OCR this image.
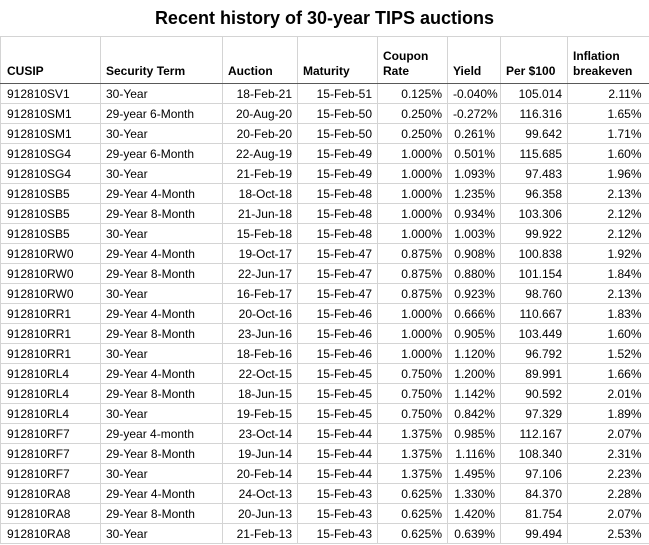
Recent history of 30-year TIPS auctions
CUSIP	Security Term	Auction	Maturity	Coupon Rate	Yield	Per $100	Inflation breakeven
912810SV1	30-Year	18-Feb-21	15-Feb-51	0.125%	-0.040%	105.014	2.11%
912810SM1	29-year 6-Month	20-Aug-20	15-Feb-50	0.250%	-0.272%	116.316	1.65%
912810SM1	30-Year	20-Feb-20	15-Feb-50	0.250%	0.261%	99.642	1.71%
912810SG4	29-year 6-Month	22-Aug-19	15-Feb-49	1.000%	0.501%	115.685	1.60%
912810SG4	30-Year	21-Feb-19	15-Feb-49	1.000%	1.093%	97.483	1.96%
912810SB5	29-Year 4-Month	18-Oct-18	15-Feb-48	1.000%	1.235%	96.358	2.13%
912810SB5	29-Year 8-Month	21-Jun-18	15-Feb-48	1.000%	0.934%	103.306	2.12%
912810SB5	30-Year	15-Feb-18	15-Feb-48	1.000%	1.003%	99.922	2.12%
912810RW0	29-Year 4-Month	19-Oct-17	15-Feb-47	0.875%	0.908%	100.838	1.92%
912810RW0	29-Year 8-Month	22-Jun-17	15-Feb-47	0.875%	0.880%	101.154	1.84%
912810RW0	30-Year	16-Feb-17	15-Feb-47	0.875%	0.923%	98.760	2.13%
912810RR1	29-Year 4-Month	20-Oct-16	15-Feb-46	1.000%	0.666%	110.667	1.83%
912810RR1	29-Year 8-Month	23-Jun-16	15-Feb-46	1.000%	0.905%	103.449	1.60%
912810RR1	30-Year	18-Feb-16	15-Feb-46	1.000%	1.120%	96.792	1.52%
912810RL4	29-Year 4-Month	22-Oct-15	15-Feb-45	0.750%	1.200%	89.991	1.66%
912810RL4	29-Year 8-Month	18-Jun-15	15-Feb-45	0.750%	1.142%	90.592	2.01%
912810RL4	30-Year	19-Feb-15	15-Feb-45	0.750%	0.842%	97.329	1.89%
912810RF7	29-year 4-month	23-Oct-14	15-Feb-44	1.375%	0.985%	112.167	2.07%
912810RF7	29-Year 8-Month	19-Jun-14	15-Feb-44	1.375%	1.116%	108.340	2.31%
912810RF7	30-Year	20-Feb-14	15-Feb-44	1.375%	1.495%	97.106	2.23%
912810RA8	29-Year 4-Month	24-Oct-13	15-Feb-43	0.625%	1.330%	84.370	2.28%
912810RA8	29-Year 8-Month	20-Jun-13	15-Feb-43	0.625%	1.420%	81.754	2.07%
912810RA8	30-Year	21-Feb-13	15-Feb-43	0.625%	0.639%	99.494	2.53%
